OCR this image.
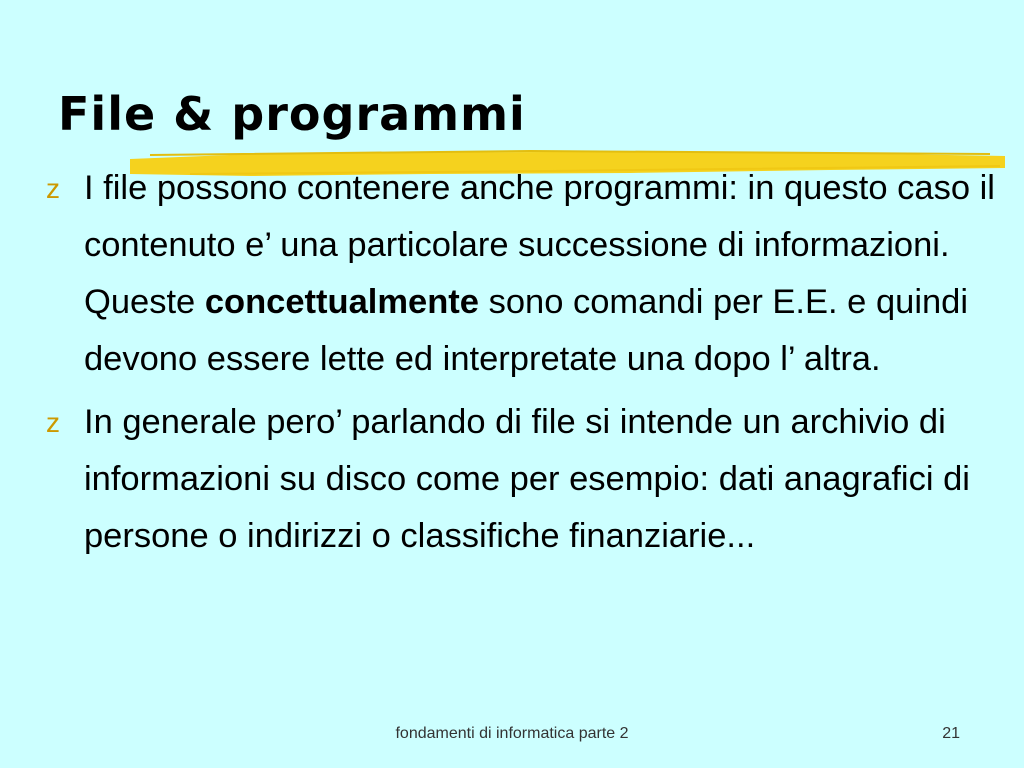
File & programmi
z I file possono contenere anche programmi: in questo caso il contenuto e’ una particolare successione di informazioni. Queste concettualmente sono comandi per E.E. e quindi devono essere lette ed interpretate una dopo l’ altra.
z In generale pero’ parlando di file si intende un archivio di informazioni su disco come per esempio: dati anagrafici di persone o indirizzi o classifiche finanziarie...
fondamenti di informatica parte 2	21
